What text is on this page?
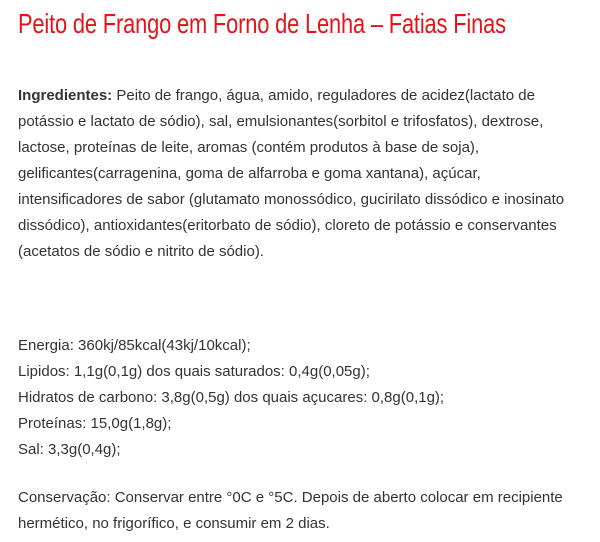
Peito de Frango em Forno de Lenha – Fatias Finas

Ingredientes: Peito de frango, água, amido, reguladores de acidez(lactato de potássio e lactato de sódio), sal, emulsionantes(sorbitol e trifosfatos), dextrose, lactose, proteínas de leite, aromas (contém produtos à base de soja), gelificantes(carragenina, goma de alfarroba e goma xantana), açúcar, intensificadores de sabor (glutamato monossódico, gucirilato dissódico e inosinato dissódico), antioxidantes(eritorbato de sódio), cloreto de potássio e conservantes (acetatos de sódio e nitrito de sódio).

Energia: 360kj/85kcal(43kj/10kcal);
Lipidos: 1,1g(0,1g) dos quais saturados: 0,4g(0,05g);
Hidratos de carbono: 3,8g(0,5g) dos quais açucares: 0,8g(0,1g);
Proteínas: 15,0g(1,8g);
Sal: 3,3g(0,4g);

Conservação: Conservar entre °0C e °5C. Depois de aberto colocar em recipiente hermético, no frigorífico, e consumir em 2 dias.
